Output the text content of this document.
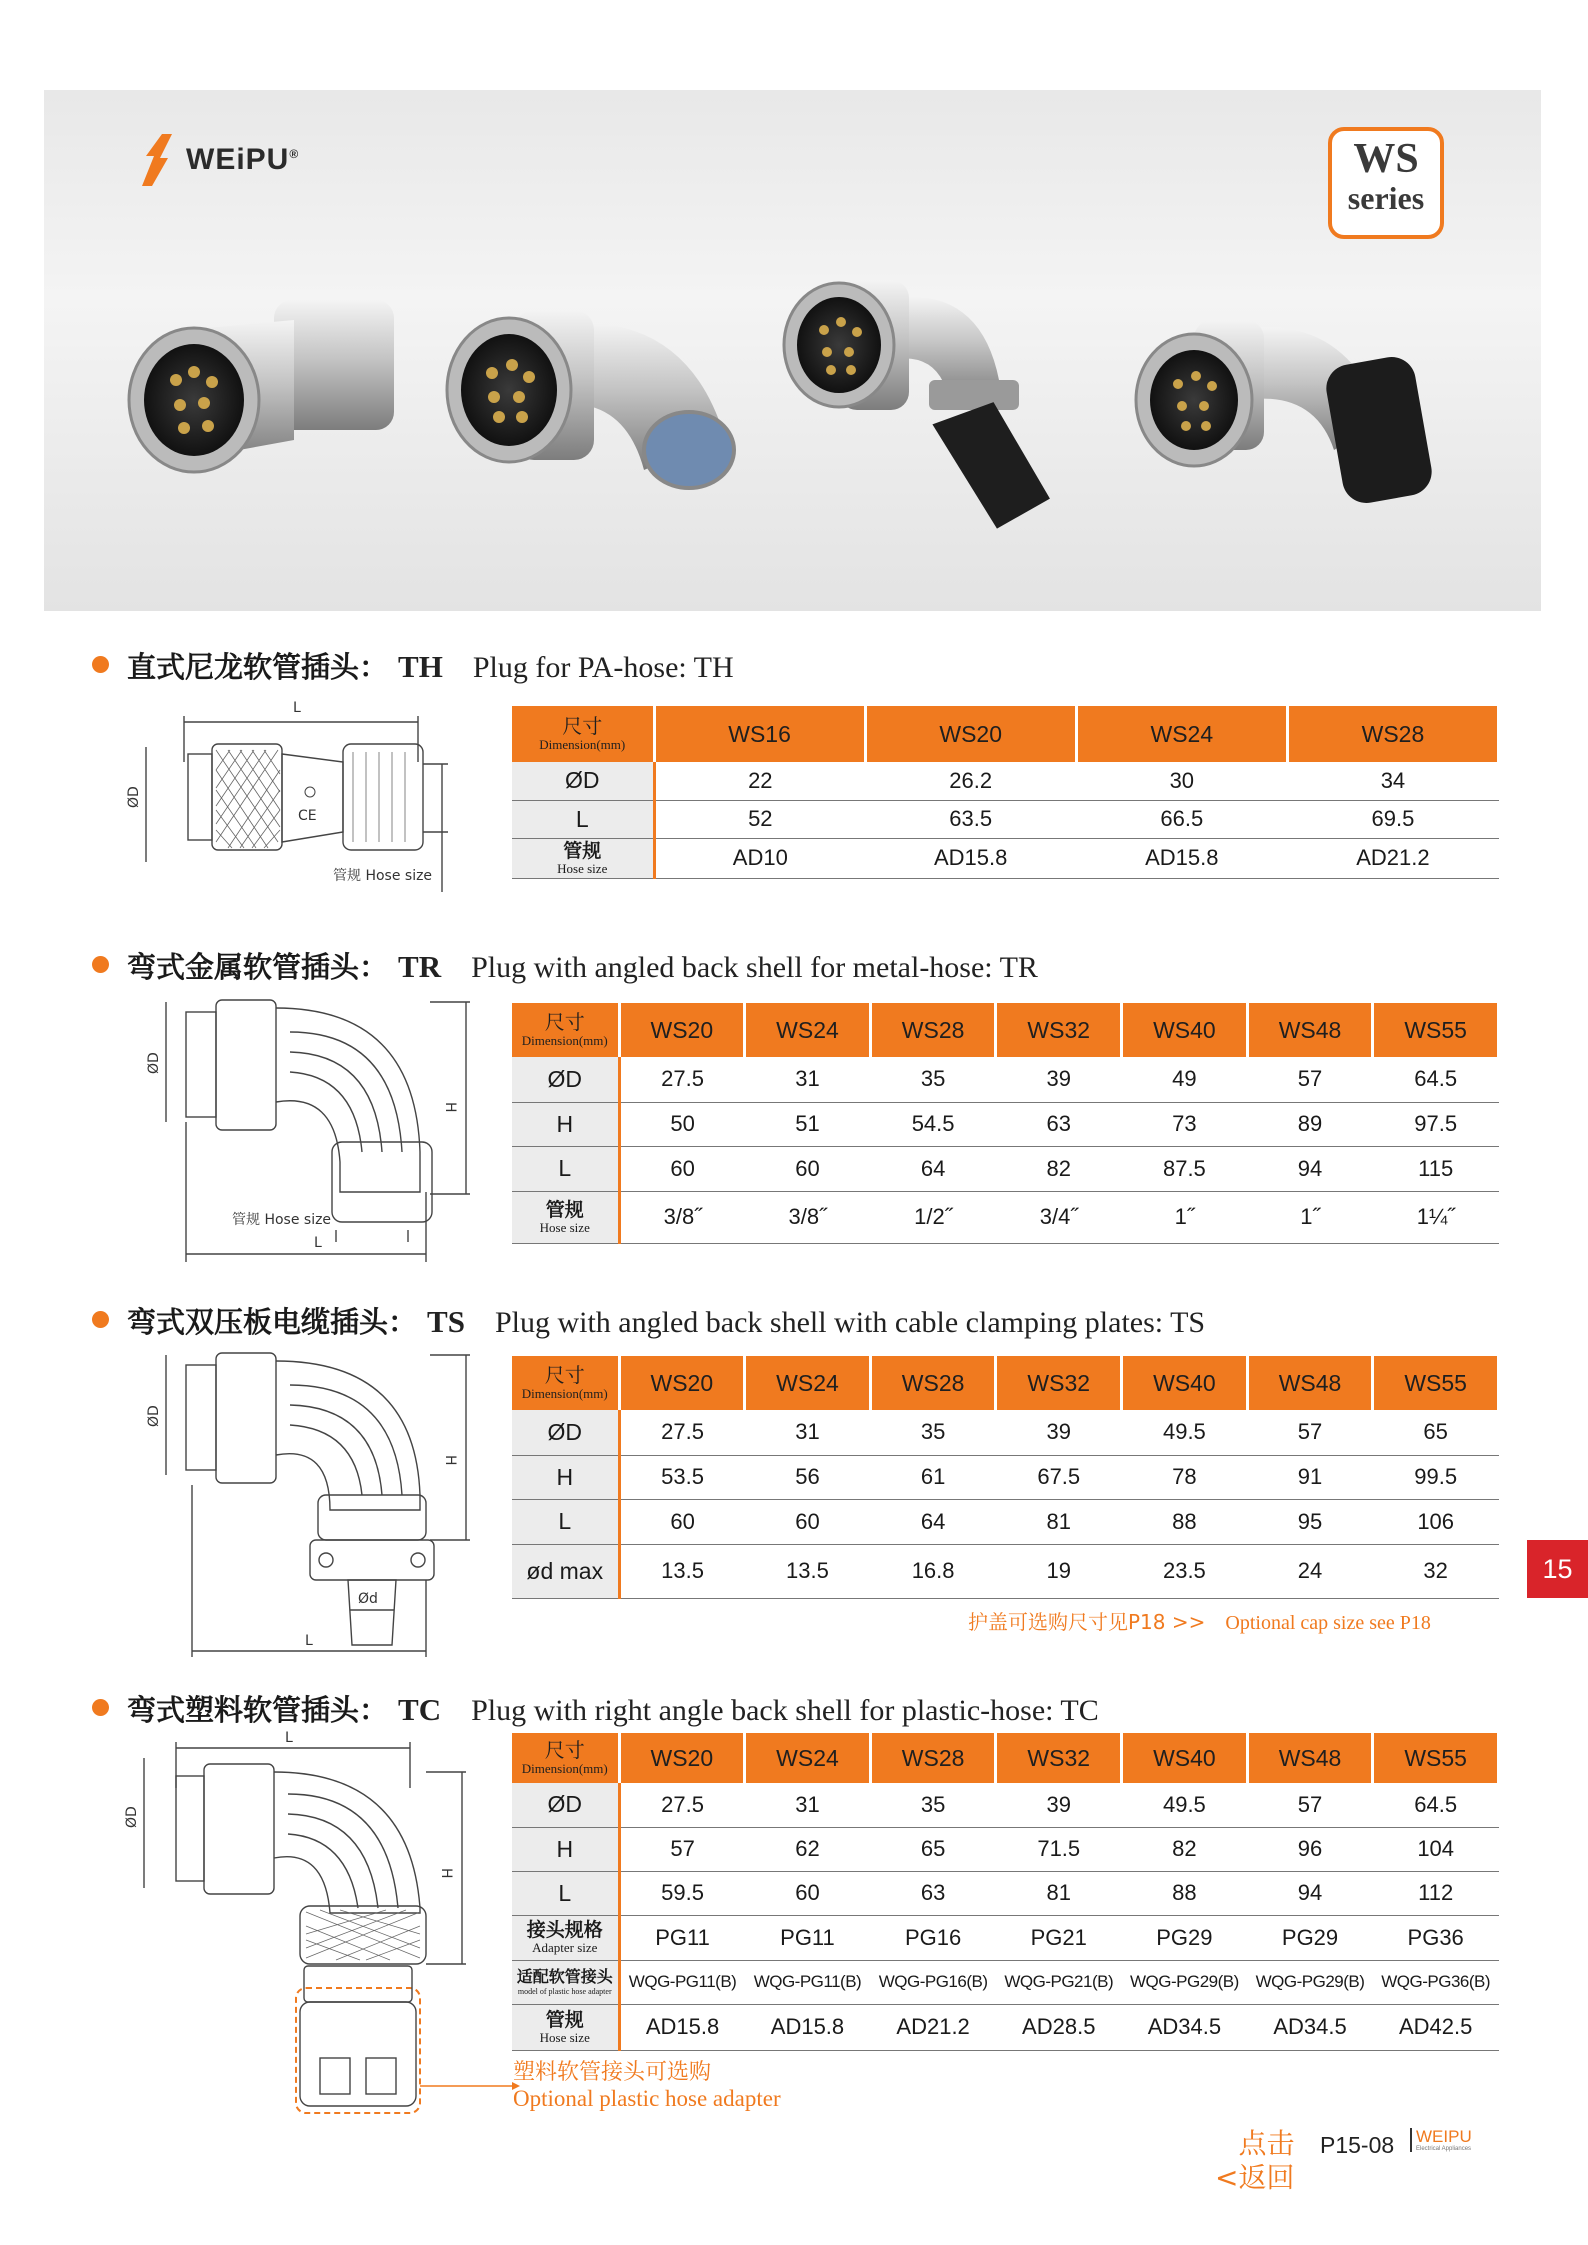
WEiPU®	WS
series
直式尼龙软管插头： TH Plug for PA-hose: TH
CE
L
ØD
管规 Hose size
尺寸
Dimension(mm)	WS16	WS20	WS24	WS28
ØD	22	26.2	30	34
L	52	63.5	66.5	69.5

管规
Hose size	AD10	AD15.8	AD15.8	AD21.2
弯式金属软管插头： TR Plug with angled back shell for metal-hose: TR
ØD
H
L
管规 Hose size
尺寸
Dimension(mm)	WS20	WS24	WS28	WS32	WS40	WS48	WS55
ØD	27.5	31	35	39	49	57	64.5
H	50	51	54.5	63	73	89	97.5
L	60	60	64	82	87.5	94	115

管规
Hose size	3/8˝	3/8˝	1/2˝	3/4˝	1˝	1˝	1¼˝
弯式双压板电缆插头： TS Plug with angled back shell with cable clamping plates: TS
ØD
H
L
Ød
尺寸
Dimension(mm)	WS20	WS24	WS28	WS32	WS40	WS48	WS55
ØD	27.5	31	35	39	49.5	57	65
H	53.5	56	61	67.5	78	91	99.5
L	60	60	64	81	88	95	106
ød max	13.5	13.5	16.8	19	23.5	24	32
护盖可选购尺寸见P18 >> Optional cap size see P18
15
弯式塑料软管插头： TC Plug with right angle back shell for plastic-hose: TC
L
ØD
H
尺寸
Dimension(mm)	WS20	WS24	WS28	WS32	WS40	WS48	WS55
ØD	27.5	31	35	39	49.5	57	64.5
H	57	62	65	71.5	82	96	104
L	59.5	60	63	81	88	94	112

接头规格
Adapter size	PG11	PG11	PG16	PG21	PG29	PG29	PG36

适配软管接头
model of plastic hose adapter	WQG-PG11(B)	WQG-PG11(B)	WQG-PG16(B)	WQG-PG21(B)	WQG-PG29(B)	WQG-PG29(B)	WQG-PG36(B)

管规
Hose size	AD15.8	AD15.8	AD21.2	AD28.5	AD34.5	AD34.5	AD42.5
塑料软管接头可选购
Optional plastic hose adapter
点击
<返回
P15-08 WEIPU
Electrical Appliances
